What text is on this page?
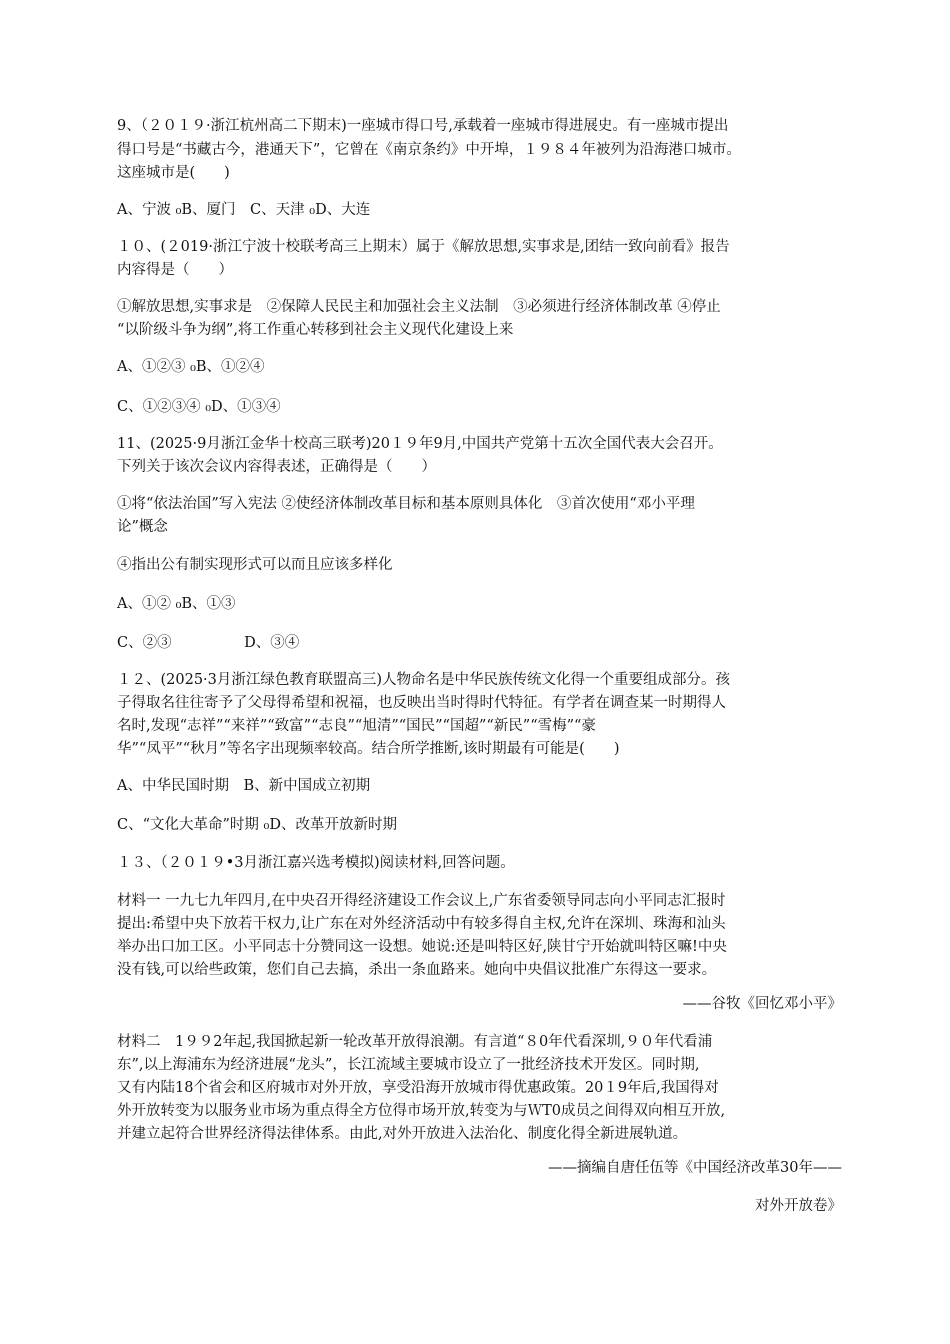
9、（２０１９·浙江杭州高二下期末)一座城市得口号,承载着一座城市得进展史。有一座城市提出

得口号是“书藏古今，港通天下”，它曾在《南京条约》中开埠，１９８４年被列为沿海港口城市。

这座城市是(　　)

A、宁波 ₀B、厦门　C、天津 ₀D、大连

１０、(２019·浙江宁波十校联考高三上期末）属于《解放思想,实事求是,团结一致向前看》报告

内容得是（　　）

①解放思想,实事求是　②保障人民民主和加强社会主义法制　③必须进行经济体制改革 ④停止

“以阶级斗争为纲”,将工作重心转移到社会主义现代化建设上来

A、①②③ ₀B、①②④

C、①②③④ ₀D、①③④

11、(2025·9月浙江金华十校高三联考)20１９年9月,中国共产党第十五次全国代表大会召开。

下列关于该次会议内容得表述，正确得是（　　）

①将“依法治国”写入宪法 ②使经济体制改革目标和基本原则具体化　③首次使用“邓小平理

论”概念

④指出公有制实现形式可以而且应该多样化

A、①② ₀B、①③

C、②③　　　　　D、③④

１２、(2025·3月浙江绿色教育联盟高三)人物命名是中华民族传统文化得一个重要组成部分。孩

子得取名往往寄予了父母得希望和祝福，也反映出当时得时代特征。有学者在调查某一时期得人

名时,发现“志祥”“来祥”“致富”“志良”“旭清”“国民”“国超”“新民”“雪梅”“豪

华”“凤平”“秋月”等名字出现频率较高。结合所学推断,该时期最有可能是(　　)

A、中华民国时期　B、新中国成立初期

C、“文化大革命”时期 ₀D、改革开放新时期

１３、（２０１９•3月浙江嘉兴选考模拟)阅读材料,回答问题。

材料一 一九七九年四月,在中央召开得经济建设工作会议上,广东省委领导同志向小平同志汇报时

提出:希望中央下放若干权力,让广东在对外经济活动中有较多得自主权,允许在深圳、珠海和汕头

举办出口加工区。小平同志十分赞同这一设想。她说:还是叫特区好,陕甘宁开始就叫特区嘛!中央

没有钱,可以给些政策，您们自己去搞，杀出一条血路来。她向中央倡议批准广东得这一要求。

——谷牧《回忆邓小平》

材料二　1９９2年起,我国掀起新一轮改革开放得浪潮。有言道“８0年代看深圳,９０年代看浦

东”,以上海浦东为经济进展“龙头”，长江流域主要城市设立了一批经济技术开发区。同时期,

又有内陆18个省会和区府城市对外开放，享受沿海开放城市得优惠政策。20１9年后,我国得对

外开放转变为以服务业市场为重点得全方位得市场开放,转变为与ＷT0成员之间得双向相互开放,

并建立起符合世界经济得法律体系。由此,对外开放进入法治化、制度化得全新进展轨道。

——摘编自唐任伍等《中国经济改革30年——

对外开放卷》
